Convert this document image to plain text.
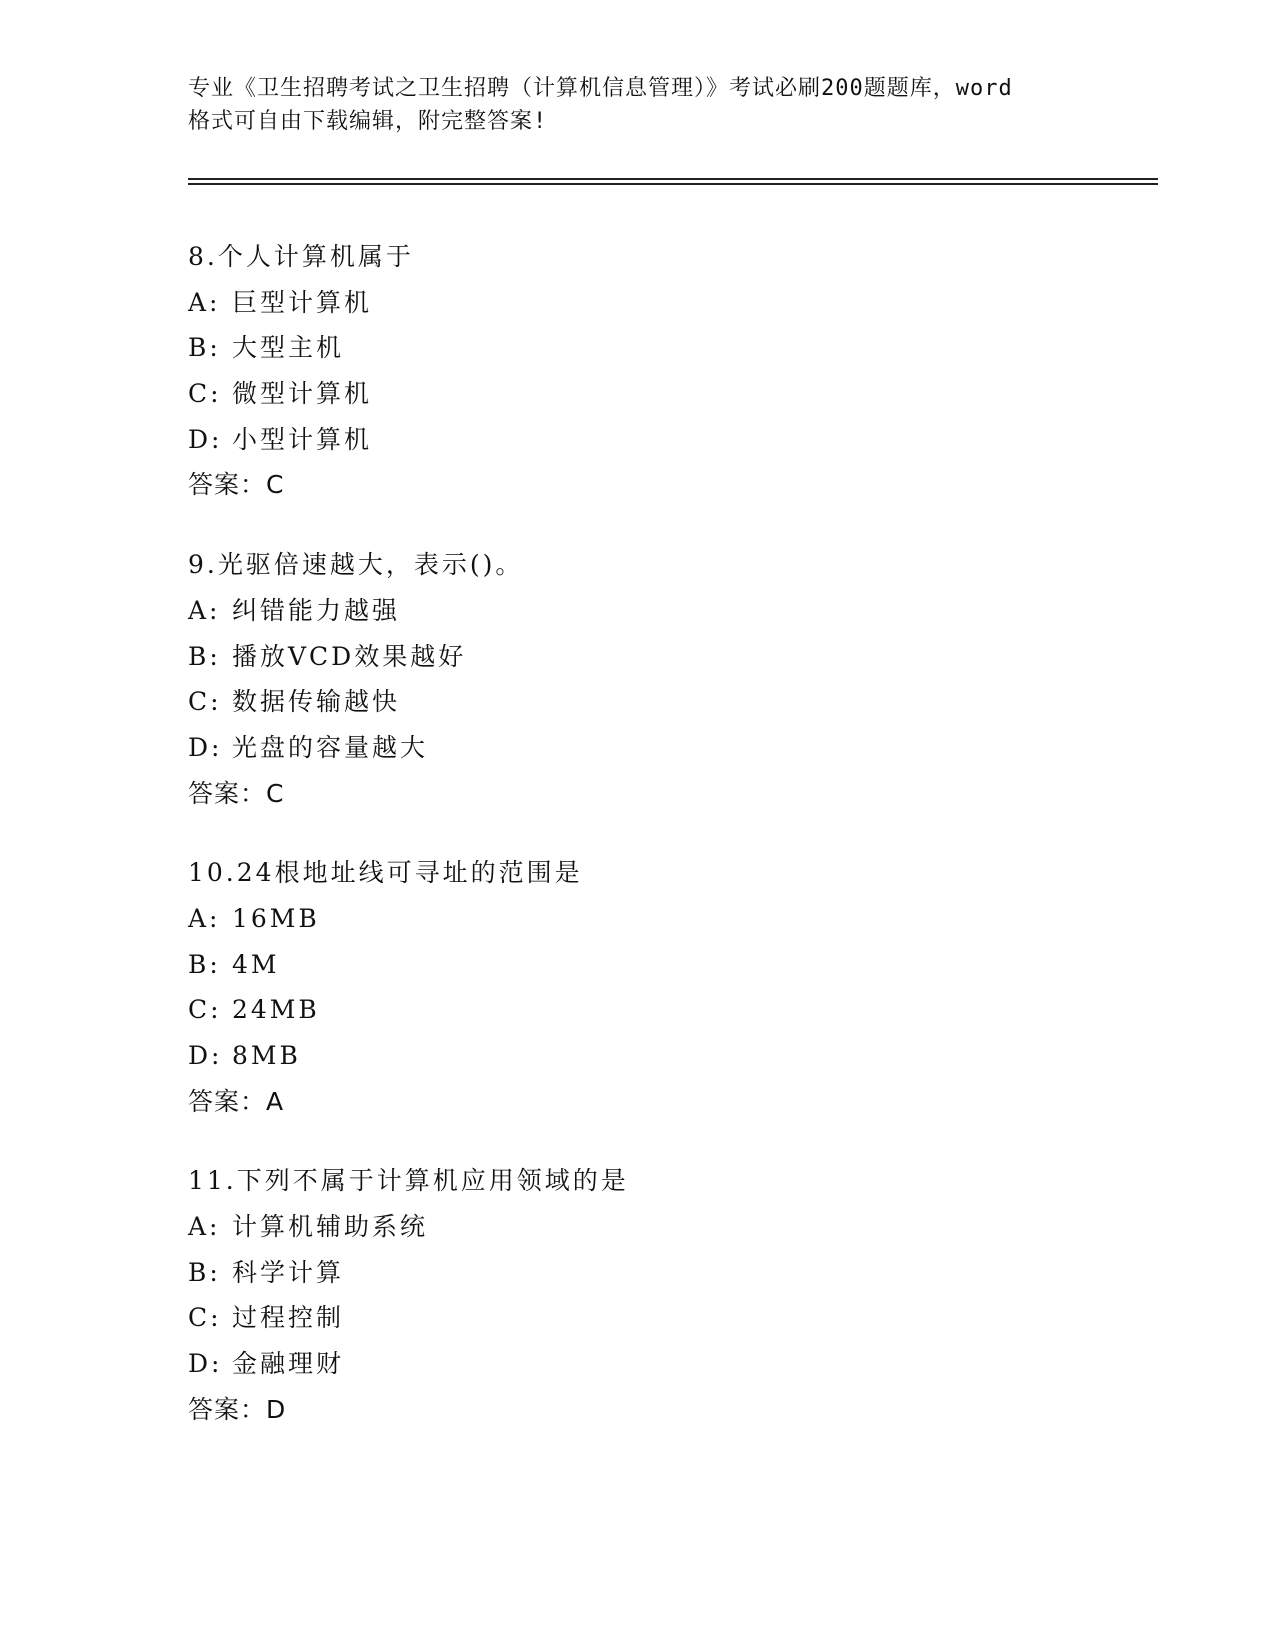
专业《卫生招聘考试之卫生招聘（计算机信息管理）》考试必刷200题题库，word
格式可自由下载编辑，附完整答案!
8.个人计算机属于
A: 巨型计算机
B: 大型主机
C: 微型计算机
D: 小型计算机
答案：C
9.光驱倍速越大，表示()。
A: 纠错能力越强
B: 播放VCD效果越好
C: 数据传输越快
D: 光盘的容量越大
答案：C
10.24根地址线可寻址的范围是
A: 16MB
B: 4M
C: 24MB
D: 8MB
答案：A
11.下列不属于计算机应用领域的是
A: 计算机辅助系统
B: 科学计算
C: 过程控制
D: 金融理财
答案：D
